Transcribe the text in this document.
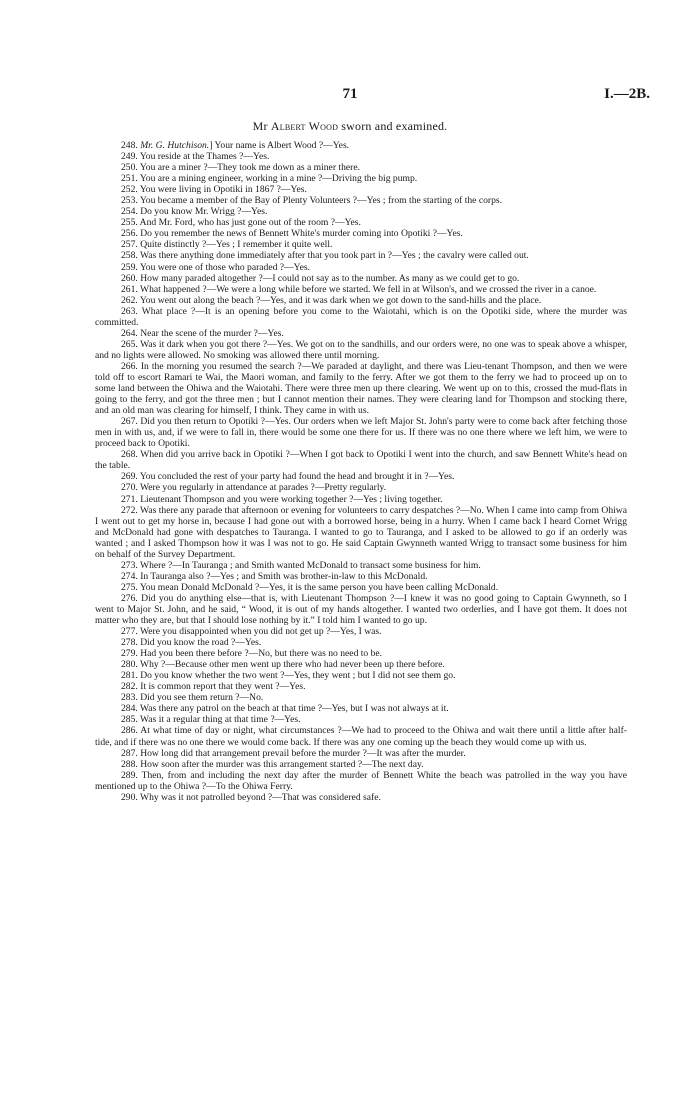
71	I.—2B.
Mr Albert Wood sworn and examined.

248. Mr. G. Hutchison.] Your name is Albert Wood ?—Yes.

249. You reside at the Thames ?—Yes.

250. You are a miner ?—They took me down as a miner there.

251. You are a mining engineer, working in a mine ?—Driving the big pump.

252. You were living in Opotiki in 1867 ?—Yes.

253. You became a member of the Bay of Plenty Volunteers ?—Yes ; from the starting of the corps.

254. Do you know Mr. Wrigg ?—Yes.

255. And Mr. Ford, who has just gone out of the room ?—Yes.

256. Do you remember the news of Bennett White's murder coming into Opotiki ?—Yes.

257. Quite distinctly ?—Yes ; I remember it quite well.

258. Was there anything done immediately after that you took part in ?—Yes ; the cavalry were called out.

259. You were one of those who paraded ?—Yes.

260. How many paraded altogether ?—I could not say as to the number. As many as we could get to go.

261. What happened ?—We were a long while before we started. We fell in at Wilson's, and we crossed the river in a canoe.

262. You went out along the beach ?—Yes, and it was dark when we got down to the sand-hills and the place.

263. What place ?—It is an opening before you come to the Waiotahi, which is on the Opotiki side, where the murder was committed.

264. Near the scene of the murder ?—Yes.

265. Was it dark when you got there ?—Yes. We got on to the sandhills, and our orders were, no one was to speak above a whisper, and no lights were allowed. No smoking was allowed there until morning.

266. In the morning you resumed the search ?—We paraded at daylight, and there was Lieu-tenant Thompson, and then we were told off to escort Ramari te Wai, the Maori woman, and family to the ferry. After we got them to the ferry we had to proceed up on to some land between the Ohiwa and the Waiotahi. There were three men up there clearing. We went up on to this, crossed the mud-flats in going to the ferry, and got the three men ; but I cannot mention their names. They were clearing land for Thompson and stocking there, and an old man was clearing for himself, I think. They came in with us.

267. Did you then return to Opotiki ?—Yes. Our orders when we left Major St. John's party were to come back after fetching those men in with us, and, if we were to fall in, there would be some one there for us. If there was no one there where we left him, we were to proceed back to Opotiki.

268. When did you arrive back in Opotiki ?—When I got back to Opotiki I went into the church, and saw Bennett White's head on the table.

269. You concluded the rest of your party had found the head and brought it in ?—Yes.

270. Were you regularly in attendance at parades ?—Pretty regularly.

271. Lieutenant Thompson and you were working together ?—Yes ; living together.

272. Was there any parade that afternoon or evening for volunteers to carry despatches ?—No. When I came into camp from Ohiwa I went out to get my horse in, because I had gone out with a borrowed horse, being in a hurry. When I came back I heard Cornet Wrigg and McDonald had gone with despatches to Tauranga. I wanted to go to Tauranga, and I asked to be allowed to go if an orderly was wanted ; and I asked Thompson how it was I was not to go. He said Captain Gwynneth wanted Wrigg to transact some business for him on behalf of the Survey Department.

273. Where ?—In Tauranga ; and Smith wanted McDonald to transact some business for him.

274. In Tauranga also ?—Yes ; and Smith was brother-in-law to this McDonald.

275. You mean Donald McDonald ?—Yes, it is the same person you have been calling McDonald.

276. Did you do anything else—that is, with Lieutenant Thompson ?—I knew it was no good going to Captain Gwynneth, so I went to Major St. John, and he said, “ Wood, it is out of my hands altogether. I wanted two orderlies, and I have got them. It does not matter who they are, but that I should lose nothing by it.” I told him I wanted to go up.

277. Were you disappointed when you did not get up ?—Yes, I was.

278. Did you know the road ?—Yes.

279. Had you been there before ?—No, but there was no need to be.

280. Why ?—Because other men went up there who had never been up there before.

281. Do you know whether the two went ?—Yes, they went ; but I did not see them go.

282. It is common report that they went ?—Yes.

283. Did you see them return ?—No.

284. Was there any patrol on the beach at that time ?—Yes, but I was not always at it.

285. Was it a regular thing at that time ?—Yes.

286. At what time of day or night, what circumstances ?—We had to proceed to the Ohiwa and wait there until a little after half-tide, and if there was no one there we would come back. If there was any one coming up the beach they would come up with us.

287. How long did that arrangement prevail before the murder ?—It was after the murder.

288. How soon after the murder was this arrangement started ?—The next day.

289. Then, from and including the next day after the murder of Bennett White the beach was patrolled in the way you have mentioned up to the Ohiwa ?—To the Ohiwa Ferry.

290. Why was it not patrolled beyond ?—That was considered safe.
